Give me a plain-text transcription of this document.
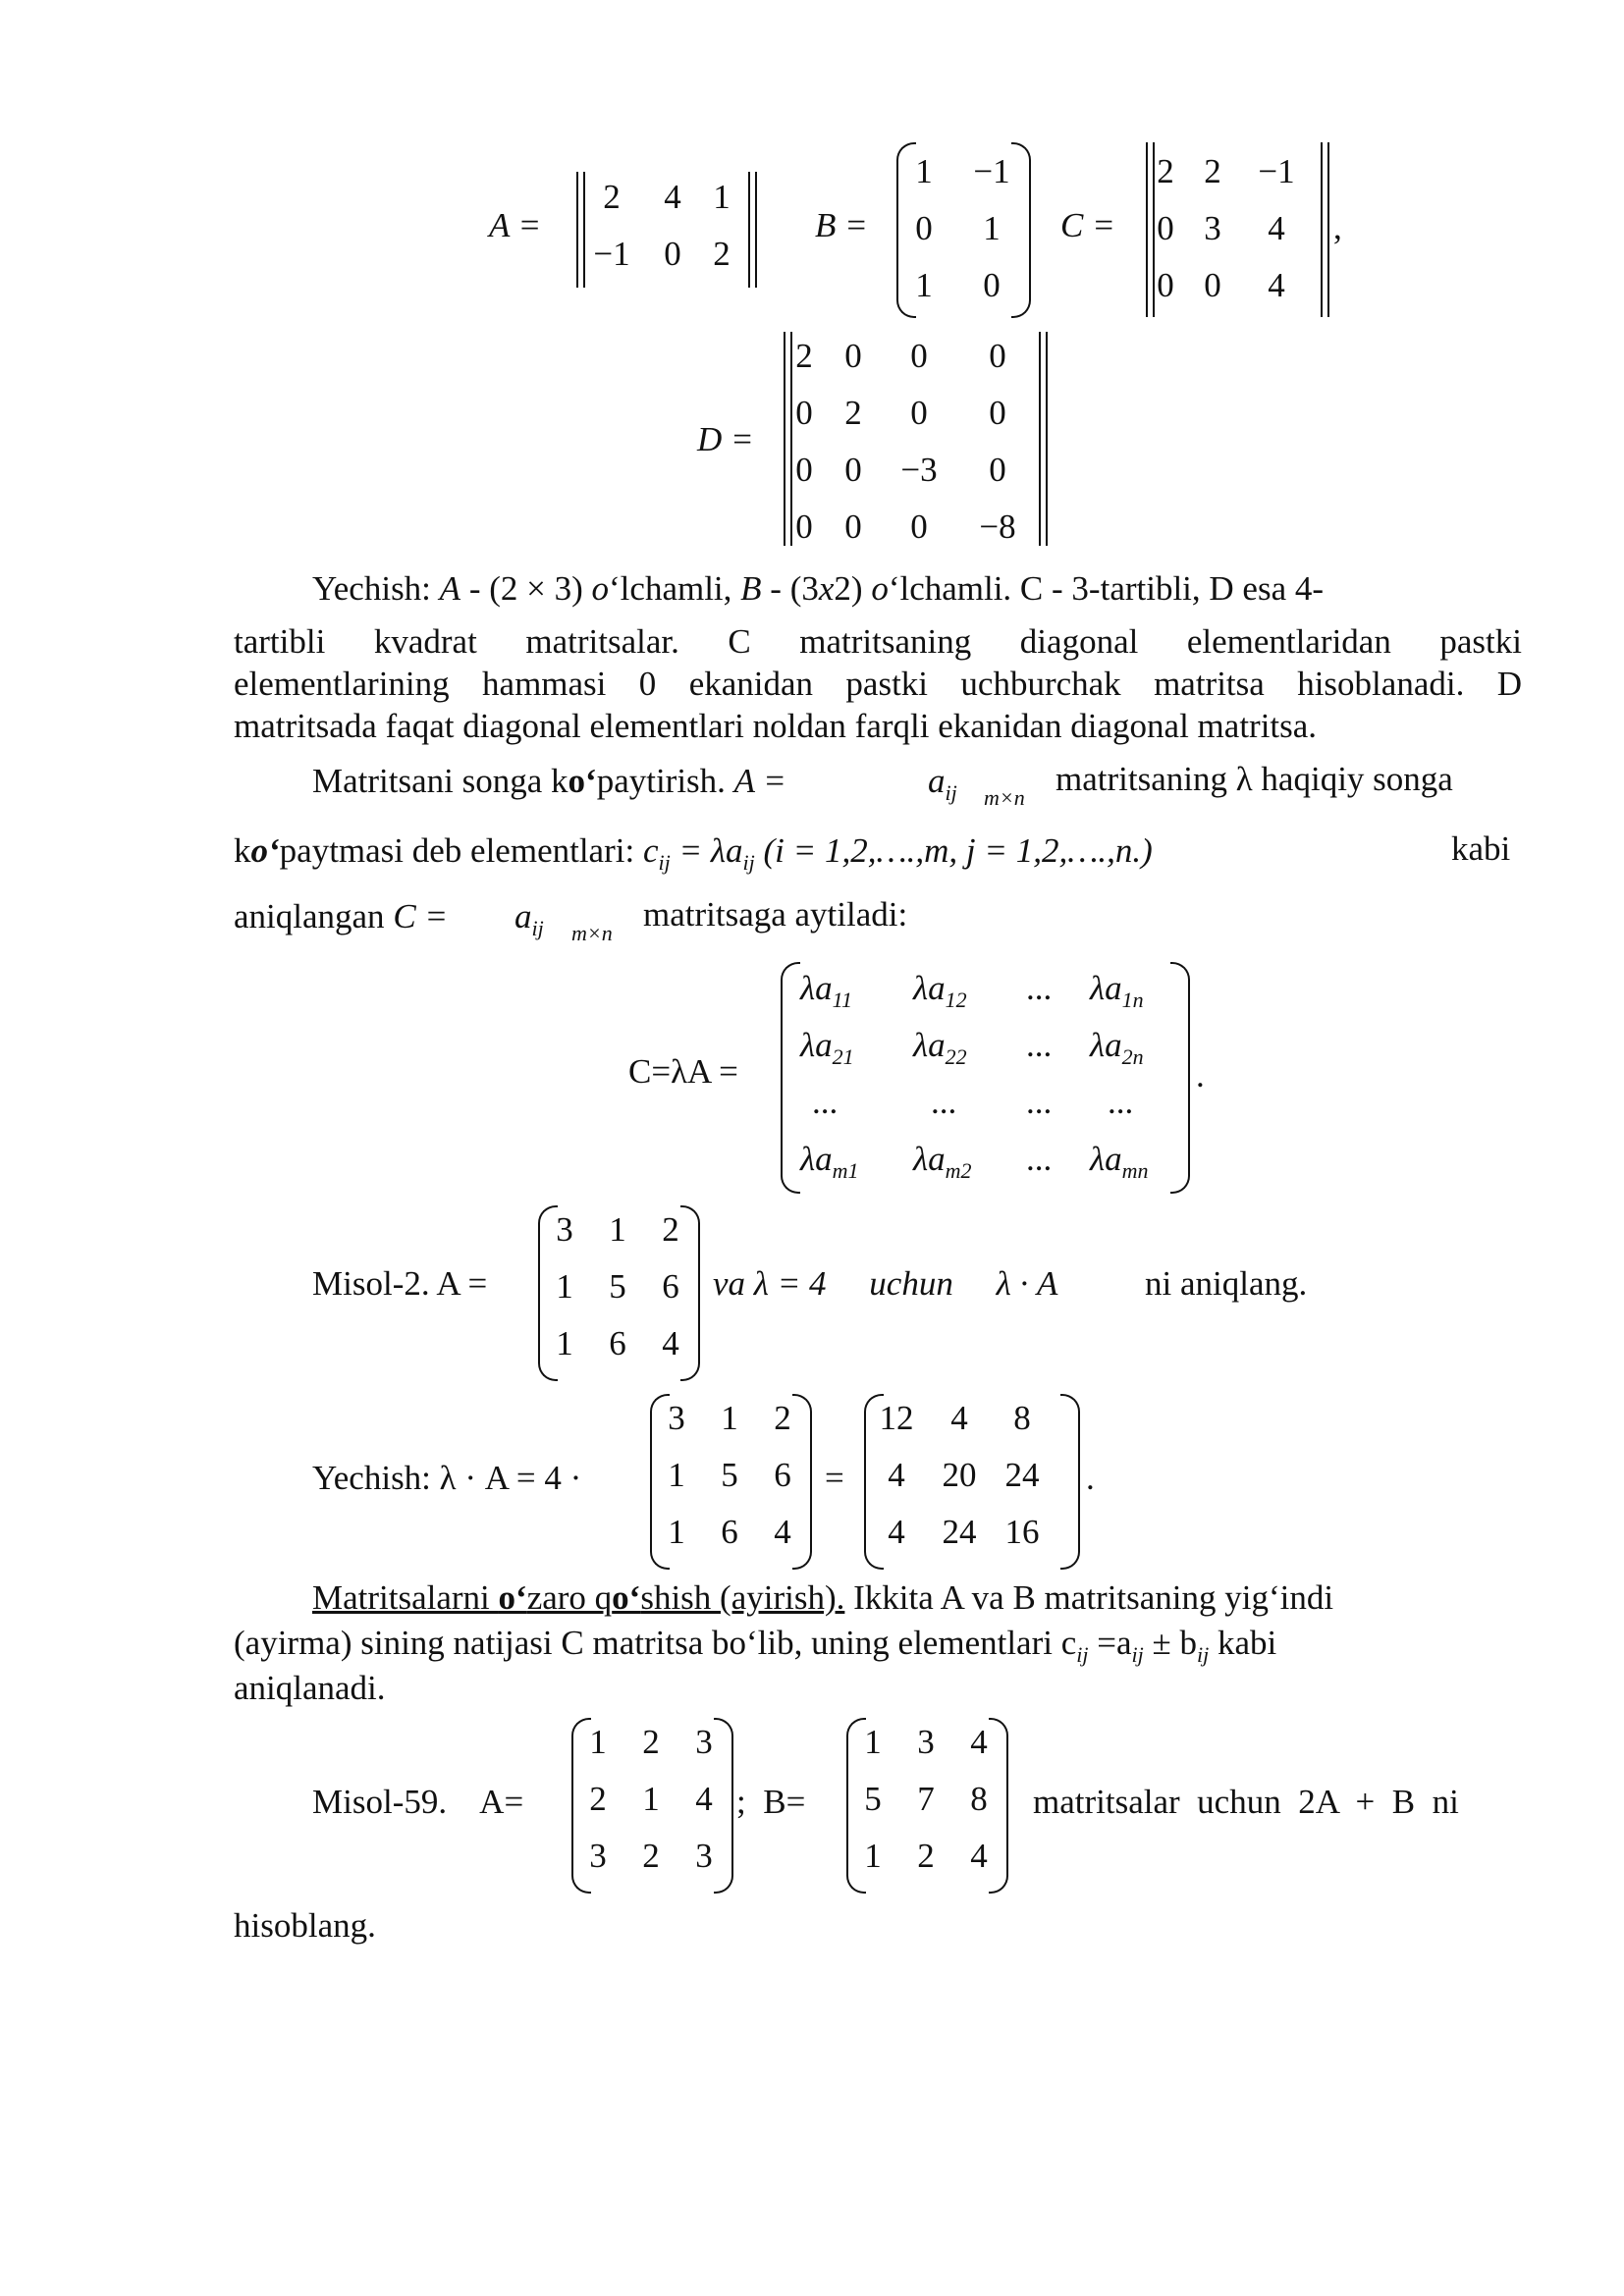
A =
2	4 1
−1 0 2
B =
1	−1
0	1
1	0
C =
2 2 −1
0 3	4
0 0	4
,
D =
2 0	0	0
0 2	0	0
0 0 −3	0
0 0	0	−8
Yechish: A - (2 × 3) o‘lchamli, B - (3x2) o‘lchamli. C - 3-tartibli, D esa 4-
tartibli kvadrat matritsalar. C matritsaning diagonal elementlaridan pastki
elementlarining hammasi 0 ekanidan pastki uchburchak matritsa hisoblanadi. D
matritsada faqat diagonal elementlari noldan farqli ekanidan diagonal matritsa.
Matritsani songa ko‘paytirish. A =	$a_{ij}$ m×n matritsaning λ haqiqiy songa
ko‘paytmasi deb elementlari: $c_{ij} = \lambda a_{ij}$ (i = 1,2,….,m, j = 1,2,….,n.)	kabi
aniqlangan $C = a_{ij}$ m×n matritsaga aytiladi:
C=λA =
$\lambda a_{11}$	$\lambda a_{12}$	...	$\lambda a_{1n}$
$\lambda a_{21}$	$\lambda a_{22}$	...	$\lambda a_{2n}$
...	...	...	...
$\lambda a_{m1}$	$\lambda a_{m2}$	...	$\lambda a_{mn}$
.
Misol-2. A =
3 1 2
1 5 6
1 6 4
va λ = 4     uchun     λ · A	ni aniqlang.
Yechish: λ · A = 4 ·
3 1 2
1 5 6
1 6 4
=
12	4	8
4	20 24
4	24 16
.
Matritsalarni o‘zaro qo‘shish (ayirish). Ikkita A va B matritsaning yig‘indi
(ayirma) sining natijasi C matritsa bo‘lib, uning elementlari $c_{ij} =a_{ij} \pm b_{ij}$ kabi
aniqlanadi.
Misol-59.    A=
1 2 3
2 1 4
3 2 3
;  B=
1 3 4
5 7 8
1 2 4
matritsalar  uchun  2A  +  B  ni
hisoblang.
